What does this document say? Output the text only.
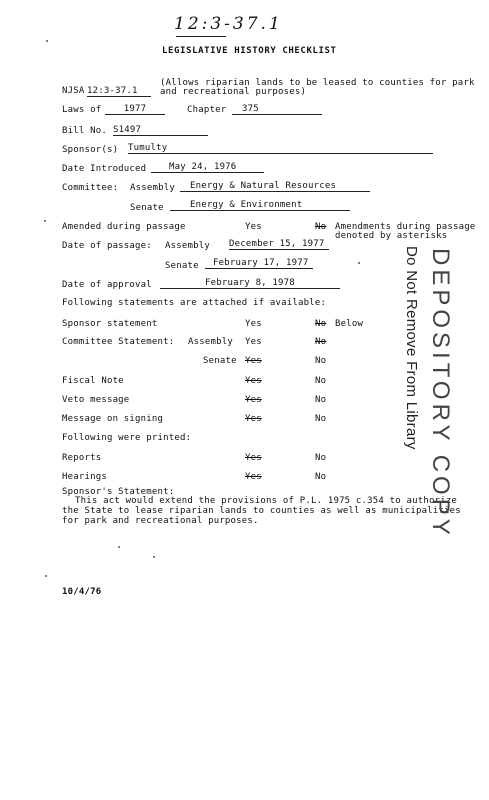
12:3-37.1
LEGISLATIVE HISTORY CHECKLIST
NJSA 12:3-37.1
(Allows riparian lands to be leased to counties for park
and recreational purposes)
Laws of	1977	Chapter	375
Bill No. S1497
Sponsor(s) Tumulty
Date Introduced	May 24, 1976
Committee: Assembly	Energy & Natural Resources
Senate	Energy & Environment
Amended during passage	Yes	No Amendments during passage
denoted by asterisks
Date of passage: Assembly December 15, 1977
Senate	February 17, 1977
Date of approval	February 8, 1978
Following statements are attached if available:
Sponsor statement	Yes	No Below
Committee Statement: Assembly Yes	No
Senate Yes	No
Fiscal Note	Yes	No
Veto message	Yes	No
Message on signing	Yes	No
Following were printed:
Reports	Yes	No
Hearings	Yes	No
Sponsor's Statement:
This act would extend the provisions of P.L. 1975 c.354 to authorize
the State to lease riparian lands to counties as well as municipalities
for park and recreational purposes.
10/4/76
DEPOSITORY COPY
Do Not Remove From Library
